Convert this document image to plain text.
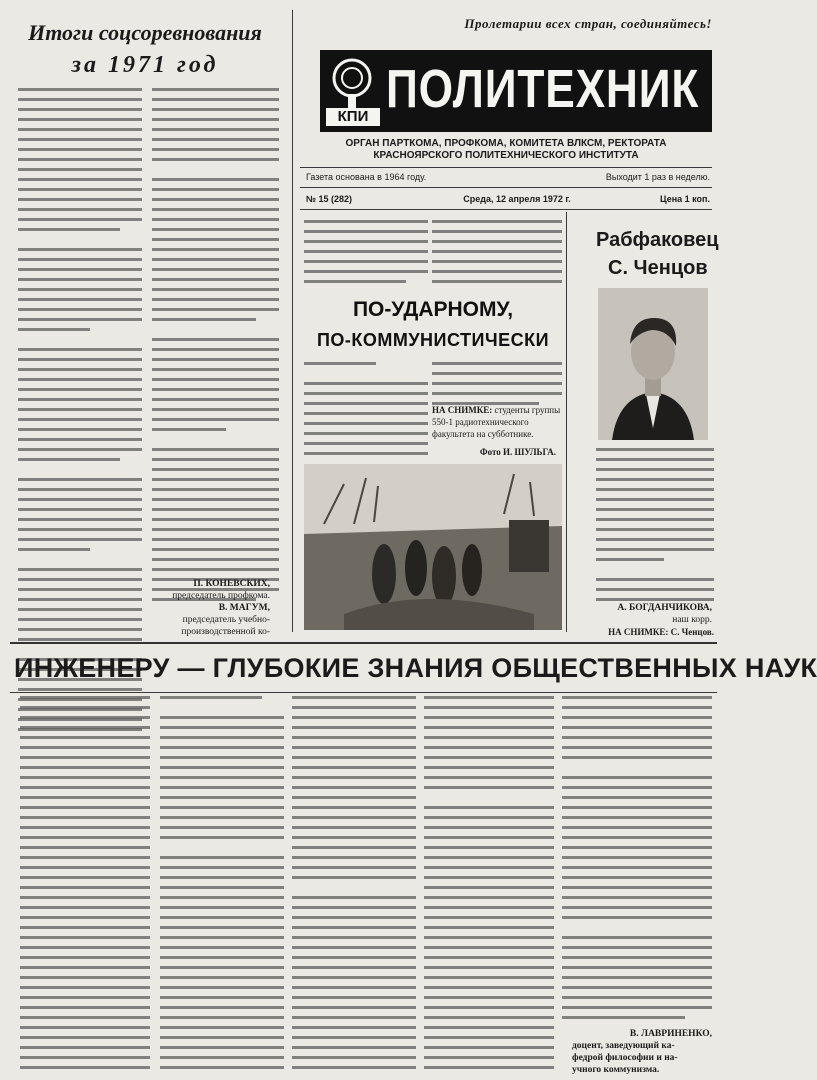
Итоги соцсоревнования
за 1971 год
П. КОНЕВСКИХ,
председатель профкома.
В. МАГУМ,
председатель учебно-производственной ко-
Пролетарии всех стран, соединяйтесь!
КПИ ПОЛИТЕХНИК
ОРГАН ПАРТКОМА, ПРОФКОМА, КОМИТЕТА ВЛКСМ, РЕКТОРАТА
КРАСНОЯРСКОГО ПОЛИТЕХНИЧЕСКОГО ИНСТИТУТА
Газета основана в 1964 году.	Выходит 1 раз в неделю.
№ 15 (282)	Среда, 12 апреля 1972 г.	Цена 1 коп.
ПО-УДАРНОМУ,
ПО-КОММУНИСТИЧЕСКИ
НА СНИМКЕ: студенты группы 550-1 радиотехнического факультета на субботнике.
Фото И. ШУЛЬГА.
Рабфаковец
С. Ченцов
А. БОГДАНЧИКОВА,
наш корр.
НА СНИМКЕ: С. Ченцов.
ИНЖЕНЕРУ — ГЛУБОКИЕ ЗНАНИЯ ОБЩЕСТВЕННЫХ НАУК
В. ЛАВРИНЕНКО,
доцент, заведующий ка-
федрой философии и на-
учного коммунизма.
